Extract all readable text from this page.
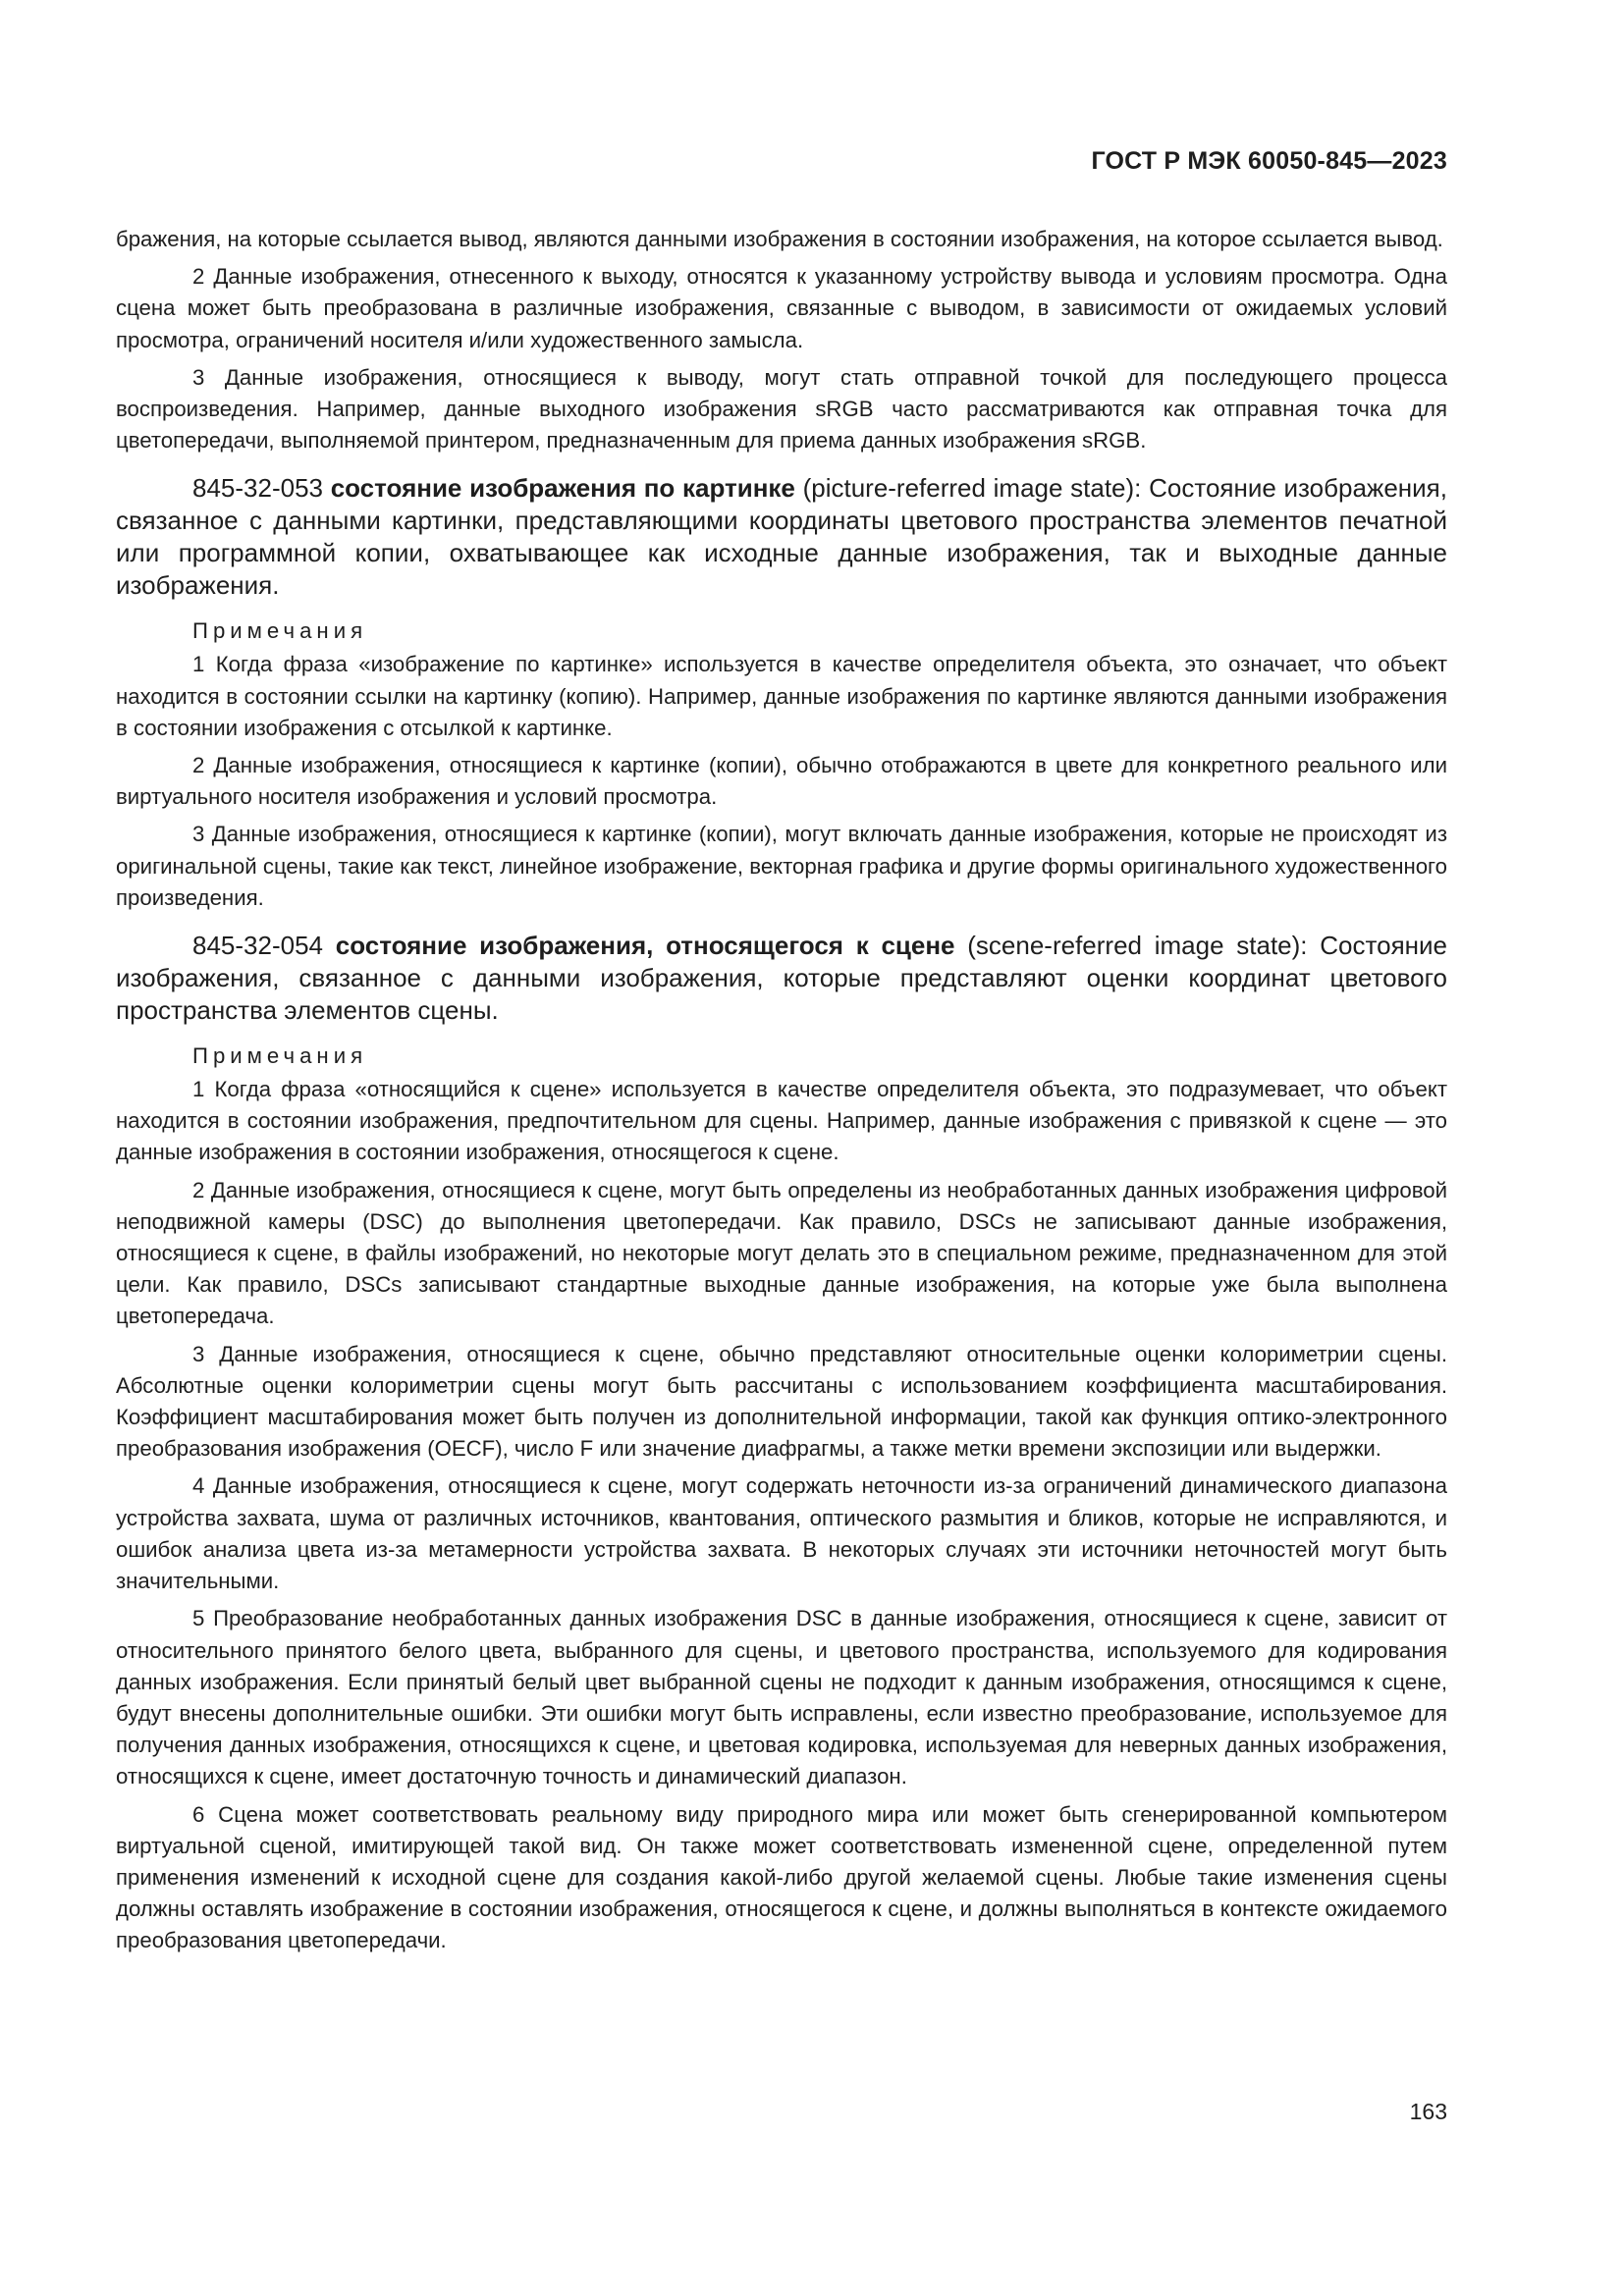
ГОСТ Р МЭК 60050-845—2023

бражения, на которые ссылается вывод, являются данными изображения в состоянии изображения, на которое ссылается вывод.

2 Данные изображения, отнесенного к выходу, относятся к указанному устройству вывода и условиям просмотра. Одна сцена может быть преобразована в различные изображения, связанные с выводом, в зависимости от ожидаемых условий просмотра, ограничений носителя и/или художественного замысла.

3 Данные изображения, относящиеся к выводу, могут стать отправной точкой для последующего процесса воспроизведения. Например, данные выходного изображения sRGB часто рассматриваются как отправная точка для цветопередачи, выполняемой принтером, предназначенным для приема данных изображения sRGB.

845-32-053 состояние изображения по картинке (picture-referred image state): Состояние изображения, связанное с данными картинки, представляющими координаты цветового пространства элементов печатной или программной копии, охватывающее как исходные данные изображения, так и выходные данные изображения.

Примечания

1 Когда фраза «изображение по картинке» используется в качестве определителя объекта, это означает, что объект находится в состоянии ссылки на картинку (копию). Например, данные изображения по картинке являются данными изображения в состоянии изображения с отсылкой к картинке.

2 Данные изображения, относящиеся к картинке (копии), обычно отображаются в цвете для конкретного реального или виртуального носителя изображения и условий просмотра.

3 Данные изображения, относящиеся к картинке (копии), могут включать данные изображения, которые не происходят из оригинальной сцены, такие как текст, линейное изображение, векторная графика и другие формы оригинального художественного произведения.

845-32-054 состояние изображения, относящегося к сцене (scene-referred image state): Состояние изображения, связанное с данными изображения, которые представляют оценки координат цветового пространства элементов сцены.

Примечания

1 Когда фраза «относящийся к сцене» используется в качестве определителя объекта, это подразумевает, что объект находится в состоянии изображения, предпочтительном для сцены. Например, данные изображения с привязкой к сцене — это данные изображения в состоянии изображения, относящегося к сцене.

2 Данные изображения, относящиеся к сцене, могут быть определены из необработанных данных изображения цифровой неподвижной камеры (DSC) до выполнения цветопередачи. Как правило, DSCs не записывают данные изображения, относящиеся к сцене, в файлы изображений, но некоторые могут делать это в специальном режиме, предназначенном для этой цели. Как правило, DSCs записывают стандартные выходные данные изображения, на которые уже была выполнена цветопередача.

3 Данные изображения, относящиеся к сцене, обычно представляют относительные оценки колориметрии сцены. Абсолютные оценки колориметрии сцены могут быть рассчитаны с использованием коэффициента масштабирования. Коэффициент масштабирования может быть получен из дополнительной информации, такой как функция оптико-электронного преобразования изображения (OECF), число F или значение диафрагмы, а также метки времени экспозиции или выдержки.

4 Данные изображения, относящиеся к сцене, могут содержать неточности из-за ограничений динамического диапазона устройства захвата, шума от различных источников, квантования, оптического размытия и бликов, которые не исправляются, и ошибок анализа цвета из-за метамерности устройства захвата. В некоторых случаях эти источники неточностей могут быть значительными.

5 Преобразование необработанных данных изображения DSC в данные изображения, относящиеся к сцене, зависит от относительного принятого белого цвета, выбранного для сцены, и цветового пространства, используемого для кодирования данных изображения. Если принятый белый цвет выбранной сцены не подходит к данным изображения, относящимся к сцене, будут внесены дополнительные ошибки. Эти ошибки могут быть исправлены, если известно преобразование, используемое для получения данных изображения, относящихся к сцене, и цветовая кодировка, используемая для неверных данных изображения, относящихся к сцене, имеет достаточную точность и динамический диапазон.

6 Сцена может соответствовать реальному виду природного мира или может быть сгенерированной компьютером виртуальной сценой, имитирующей такой вид. Он также может соответствовать измененной сцене, определенной путем применения изменений к исходной сцене для создания какой-либо другой желаемой сцены. Любые такие изменения сцены должны оставлять изображение в состоянии изображения, относящегося к сцене, и должны выполняться в контексте ожидаемого преобразования цветопередачи.

163
